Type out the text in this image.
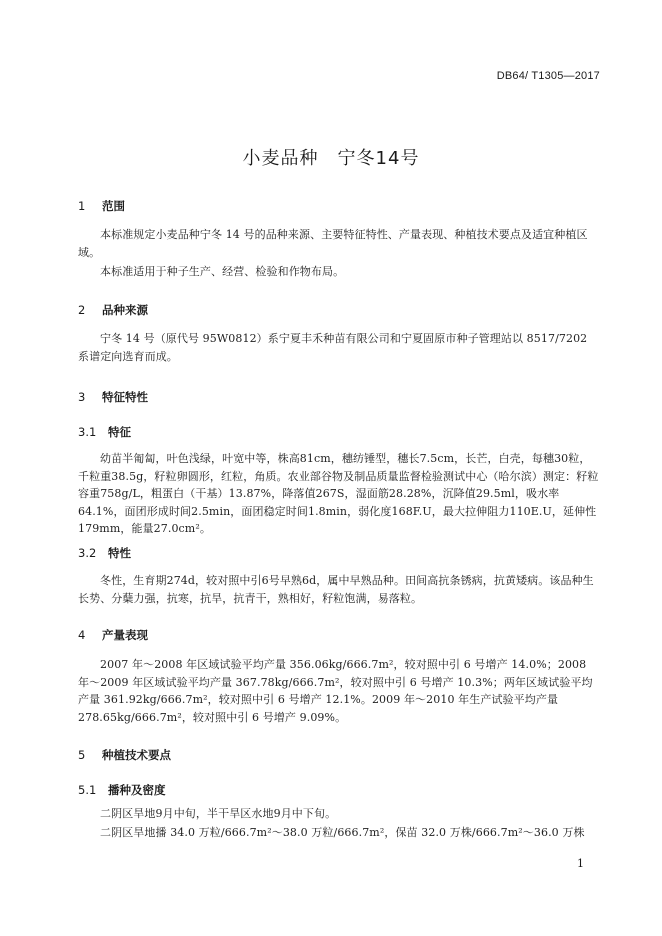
DB64/ T1305—2017
小麦品种　宁冬14号
1 范围

本标准规定小麦品种宁冬 14 号的品种来源、主要特征特性、产量表现、种植技术要点及适宜种植区域。

本标准适用于种子生产、经营、检验和作物布局。

2 品种来源

宁冬 14 号（原代号 95W0812）系宁夏丰禾种苗有限公司和宁夏固原市种子管理站以 8517/7202 系谱定向选育而成。

3 特征特性
3.1 特征

幼苗半匍匐，叶色浅绿，叶宽中等，株高81cm，穗纺锤型，穗长7.5cm，长芒，白壳，每穗30粒，千粒重38.5g，籽粒卵圆形，红粒，角质。农业部谷物及制品质量监督检验测试中心（哈尔滨）测定：籽粒容重758g/L，粗蛋白（干基）13.87%，降落值267S，湿面筋28.28%，沉降值29.5ml，吸水率64.1%，面团形成时间2.5min，面团稳定时间1.8min，弱化度168F.U，最大拉伸阻力110E.U，延伸性179mm，能量27.0cm²。

3.2 特性

冬性，生育期274d，较对照中引6号早熟6d，属中早熟品种。田间高抗条锈病，抗黄矮病。该品种生长势、分蘖力强，抗寒，抗旱，抗青干，熟相好，籽粒饱满，易落粒。

4 产量表现

2007 年～2008 年区域试验平均产量 356.06kg/666.7m²，较对照中引 6 号增产 14.0%；2008 年～2009 年区域试验平均产量 367.78kg/666.7m²，较对照中引 6 号增产 10.3%；两年区域试验平均产量 361.92kg/666.7m²，较对照中引 6 号增产 12.1%。2009 年～2010 年生产试验平均产量 278.65kg/666.7m²，较对照中引 6 号增产 9.09%。

5 种植技术要点
5.1 播种及密度

二阴区旱地9月中旬，半干旱区水地9月中下旬。

二阴区旱地播 34.0 万粒/666.7m²～38.0 万粒/666.7m²，保苗 32.0 万株/666.7m²～36.0 万株

1
